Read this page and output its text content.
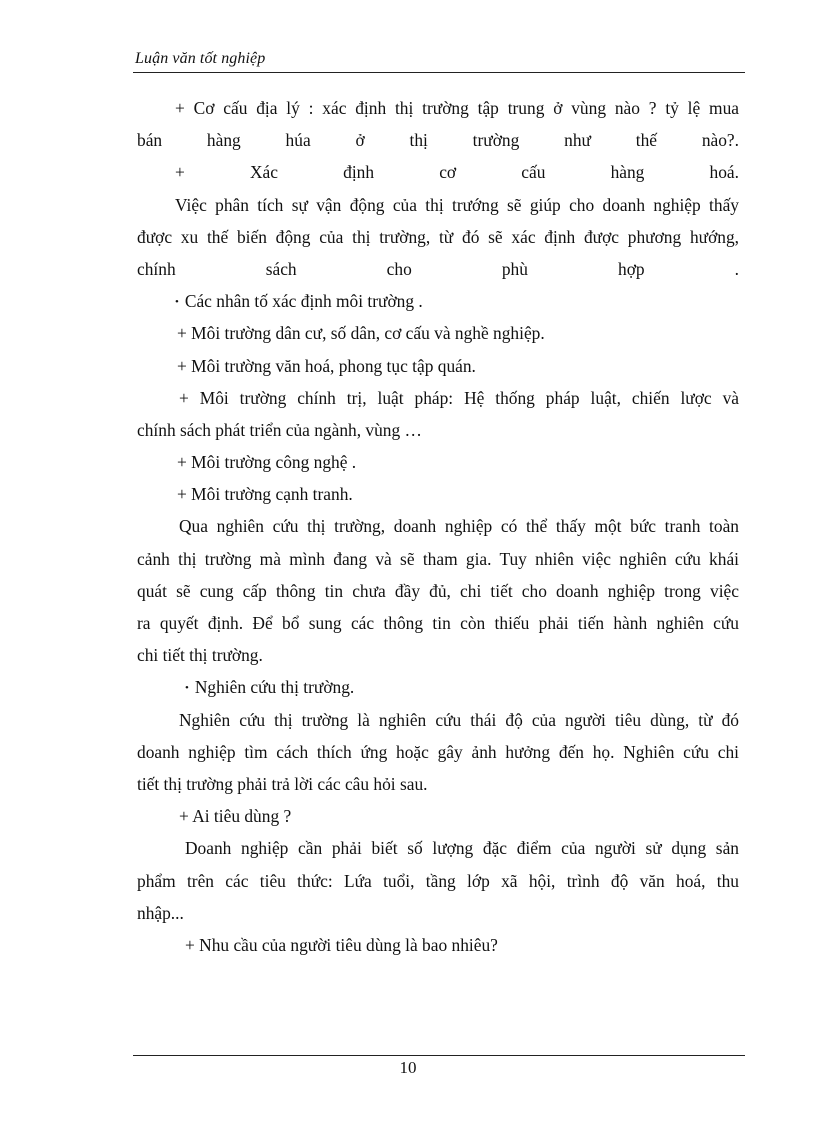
Luận văn tốt nghiệp
+ Cơ cấu địa lý : xác định thị trường tập trung ở vùng nào ? tỷ lệ mua
bán hàng húa ở thị trường như thế nào?.
+ Xác định cơ cấu hàng hoá.
Việc phân tích sự vận động của thị trướng sẽ giúp cho doanh nghiệp thấy
được xu thế biến động của thị trường, từ đó sẽ xác định được phương hướng,
chính sách cho phù hợp .
• Các nhân tố xác định môi trường .
+ Môi trường dân cư, số dân, cơ cấu và nghề nghiệp.
+ Môi trường văn hoá, phong tục tập quán.
+ Môi trường chính trị, luật pháp: Hệ thống pháp luật, chiến lược và
chính sách phát triển của ngành, vùng …
+ Môi trường công nghệ .
+ Môi trường cạnh tranh.
Qua nghiên cứu thị trường, doanh nghiệp có thể thấy một bức tranh toàn
cảnh thị trường mà mình đang và sẽ tham gia. Tuy nhiên việc nghiên cứu khái
quát sẽ cung cấp thông tin chưa đầy đủ, chi tiết cho doanh nghiệp trong việc
ra quyết định. Để bổ sung các thông tin còn thiếu phải tiến hành nghiên cứu
chi tiết thị trường.
• Nghiên cứu thị trường.
Nghiên cứu thị trường là nghiên cứu thái độ của người tiêu dùng, từ đó
doanh nghiệp tìm cách thích ứng hoặc gây ảnh hưởng đến họ. Nghiên cứu chi
tiết thị trường phải trả lời các câu hỏi sau.
+ Ai tiêu dùng ?
Doanh nghiệp cần phải biết số lượng đặc điểm của người sử dụng sản
phẩm trên các tiêu thức: Lứa tuổi, tầng lớp xã hội, trình độ văn hoá, thu
nhập...
+ Nhu cầu của người tiêu dùng là bao nhiêu?
10
